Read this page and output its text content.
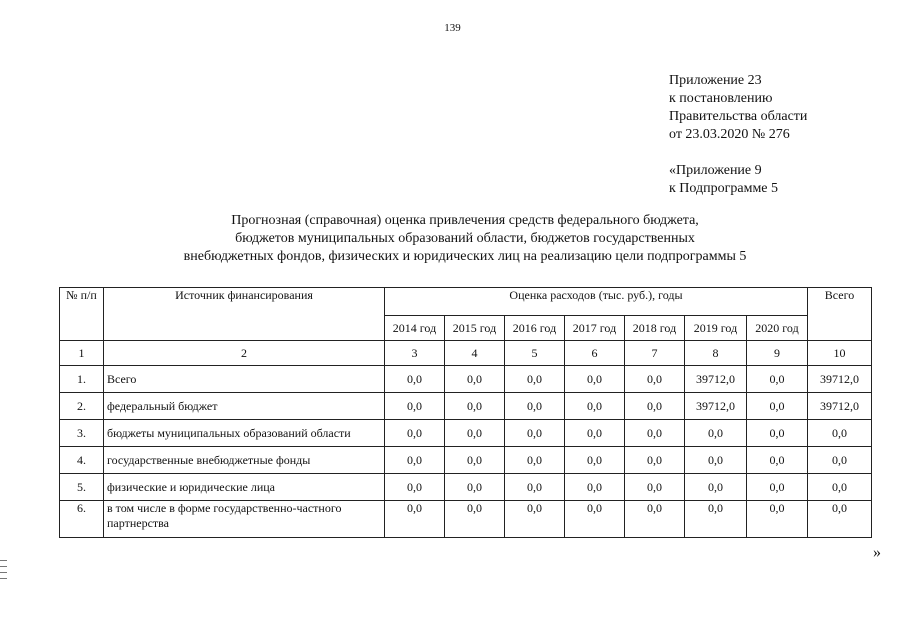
139
Приложение 23
к постановлению
Правительства области
от 23.03.2020 № 276
«Приложение 9
к Подпрограмме 5
Прогнозная (справочная) оценка привлечения средств федерального бюджета,
бюджетов муниципальных образований области, бюджетов государственных
внебюджетных фондов, физических и юридических лиц на реализацию цели подпрограммы 5
№ п/п	Источник финансирования	Оценка расходов (тыс. руб.), годы							Всего
		2014 год	2015 год	2016 год	2017 год	2018 год	2019 год	2020 год	
1	2	3	4	5	6	7	8	9	10
1.	Всего	0,0	0,0	0,0	0,0	0,0	39712,0	0,0	39712,0
2.	федеральный бюджет	0,0	0,0	0,0	0,0	0,0	39712,0	0,0	39712,0
3.	бюджеты муниципальных образований области	0,0	0,0	0,0	0,0	0,0	0,0	0,0	0,0
4.	государственные внебюджетные фонды	0,0	0,0	0,0	0,0	0,0	0,0	0,0	0,0
5.	физические и юридические лица	0,0	0,0	0,0	0,0	0,0	0,0	0,0	0,0
6.	в том числе в форме государственно-частного партнерства	0,0	0,0	0,0	0,0	0,0	0,0	0,0	0,0
»
